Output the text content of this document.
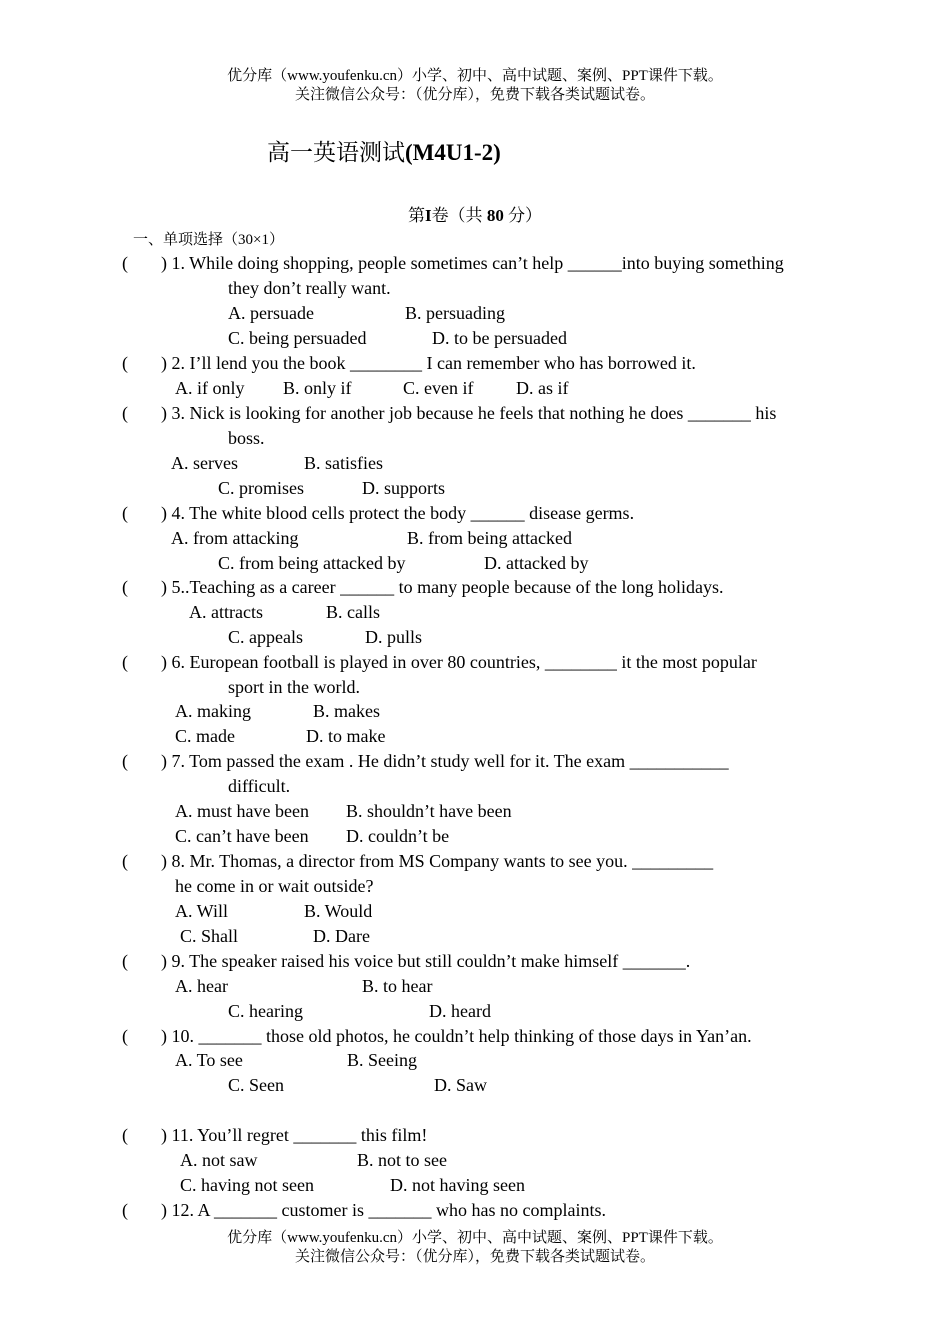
优分库（www.youfenku.cn）小学、初中、高中试题、案例、PPT课件下载。
关注微信公众号：（优分库），免费下载各类试题试卷。
高一英语测试(M4U1-2)
第I卷（共 80 分）
一、单项选择（30×1）
( ) 1. While doing shopping, people sometimes can’t help ______into buying something
they don’t really want.
A. persuade	B. persuading
C. being persuaded	D. to be persuaded
( ) 2. I’ll lend you the book ________ I can remember who has borrowed it.
A. if only B. only if	C. even if D. as if
( ) 3. Nick is looking for another job because he feels that nothing he does _______ his
boss.
A. serves	B. satisfies
C. promises	D. supports
( ) 4. The white blood cells protect the body ______ disease germs.
A. from attacking	B. from being attacked
C. from being attacked by	D. attacked by
( ) 5..Teaching as a career ______ to many people because of the long holidays.
A. attracts	B. calls
C. appeals	D. pulls
( ) 6. European football is played in over 80 countries, ________ it the most popular
sport in the world.
A. making	B. makes
C. made	D. to make
( ) 7. Tom passed the exam . He didn’t study well for it. The exam ___________
difficult.
A. must have been B. shouldn’t have been
C. can’t have been D. couldn’t be
( ) 8. Mr. Thomas, a director from MS Company wants to see you. _________
he come in or wait outside?
A. Will	B. Would
C. Shall	D. Dare
( ) 9. The speaker raised his voice but still couldn’t make himself _______.
A. hear	B. to hear
C. hearing	D. heard
( ) 10. _______ those old photos, he couldn’t help thinking of those days in Yan’an.
A. To see	B. Seeing
C. Seen	D. Saw
( ) 11. You’ll regret _______ this film!
A. not saw	B. not to see
C. having not seen	D. not having seen
( ) 12. A _______ customer is _______ who has no complaints.
优分库（www.youfenku.cn）小学、初中、高中试题、案例、PPT课件下载。
关注微信公众号：（优分库），免费下载各类试题试卷。
